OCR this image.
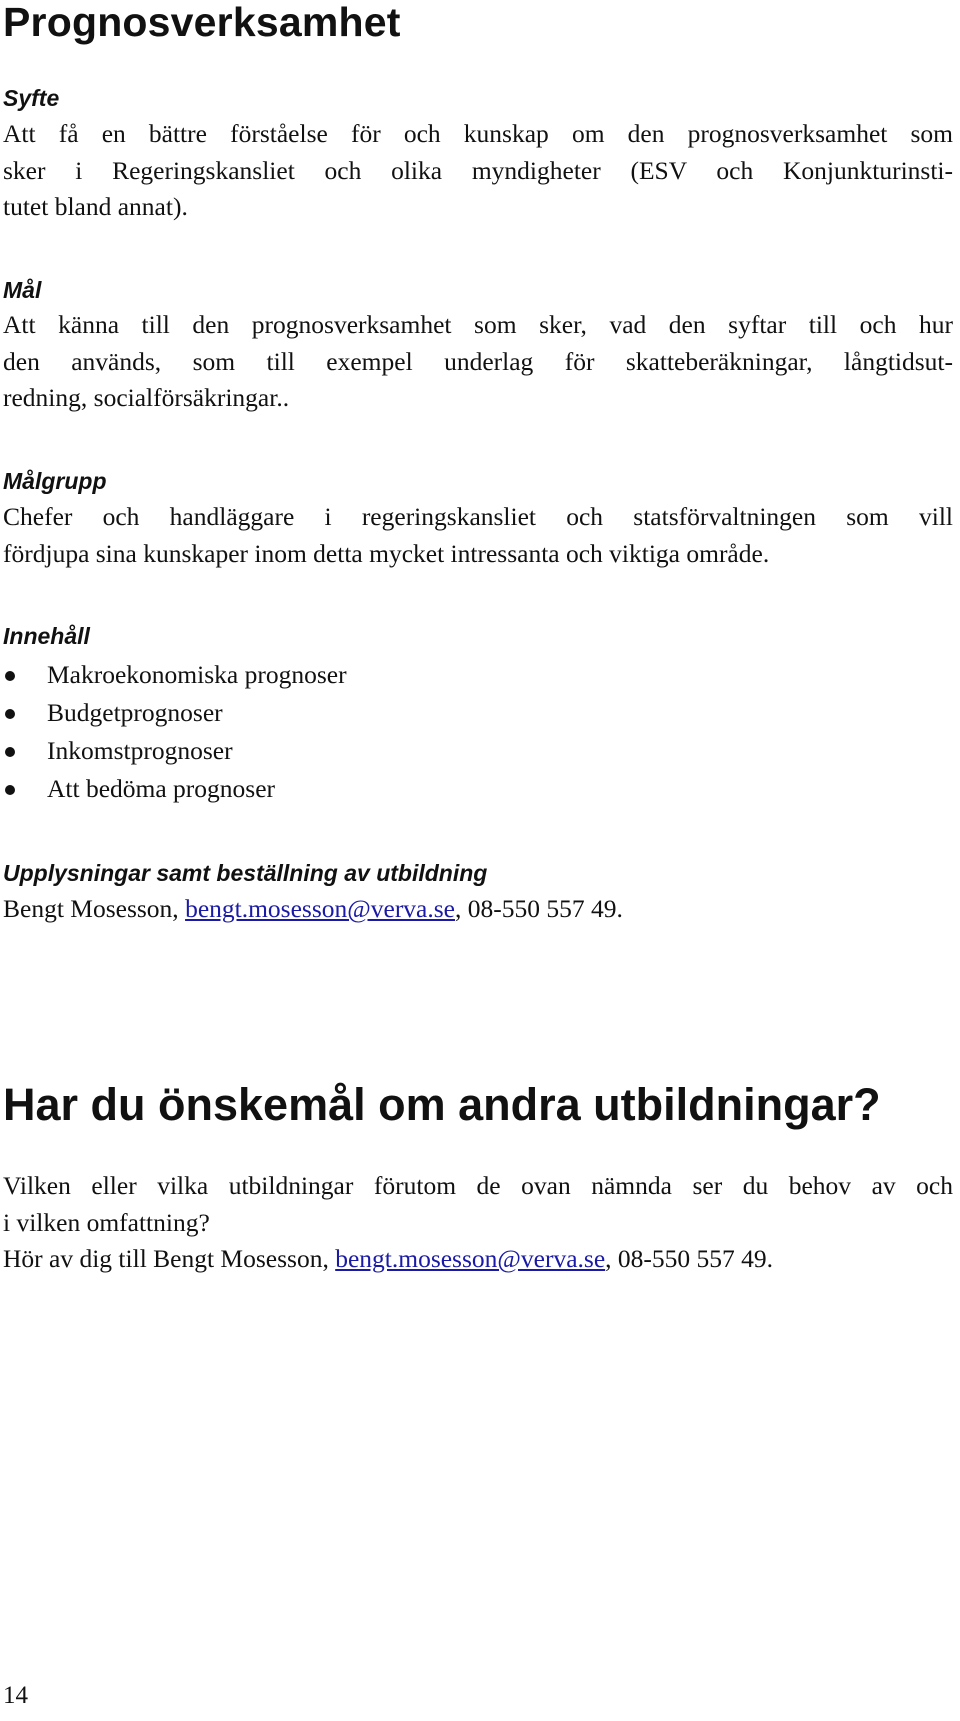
Prognosverksamhet
Syfte

Att få en bättre förståelse för och kunskap om den prognosverksamhet som
sker i Regeringskansliet och olika myndigheter (ESV och Konjunkturinsti-
tutet bland annat).

Mål

Att känna till den prognosverksamhet som sker, vad den syftar till och hur
den används, som till exempel underlag för skatteberäkningar, långtidsut-
redning, socialförsäkringar..

Målgrupp

Chefer och handläggare i regeringskansliet och statsförvaltningen som vill
fördjupa sina kunskaper inom detta mycket intressanta och viktiga område.

Innehåll
Makroekonomiska prognoser
Budgetprognoser
Inkomstprognoser
Att bedöma prognoser
Upplysningar samt beställning av utbildning

Bengt Mosesson, bengt.mosesson@verva.se, 08-550 557 49.

Har du önskemål om andra utbildningar?

Vilken eller vilka utbildningar förutom de ovan nämnda ser du behov av och
i vilken omfattning?
Hör av dig till Bengt Mosesson, bengt.mosesson@verva.se, 08-550 557 49.

14
